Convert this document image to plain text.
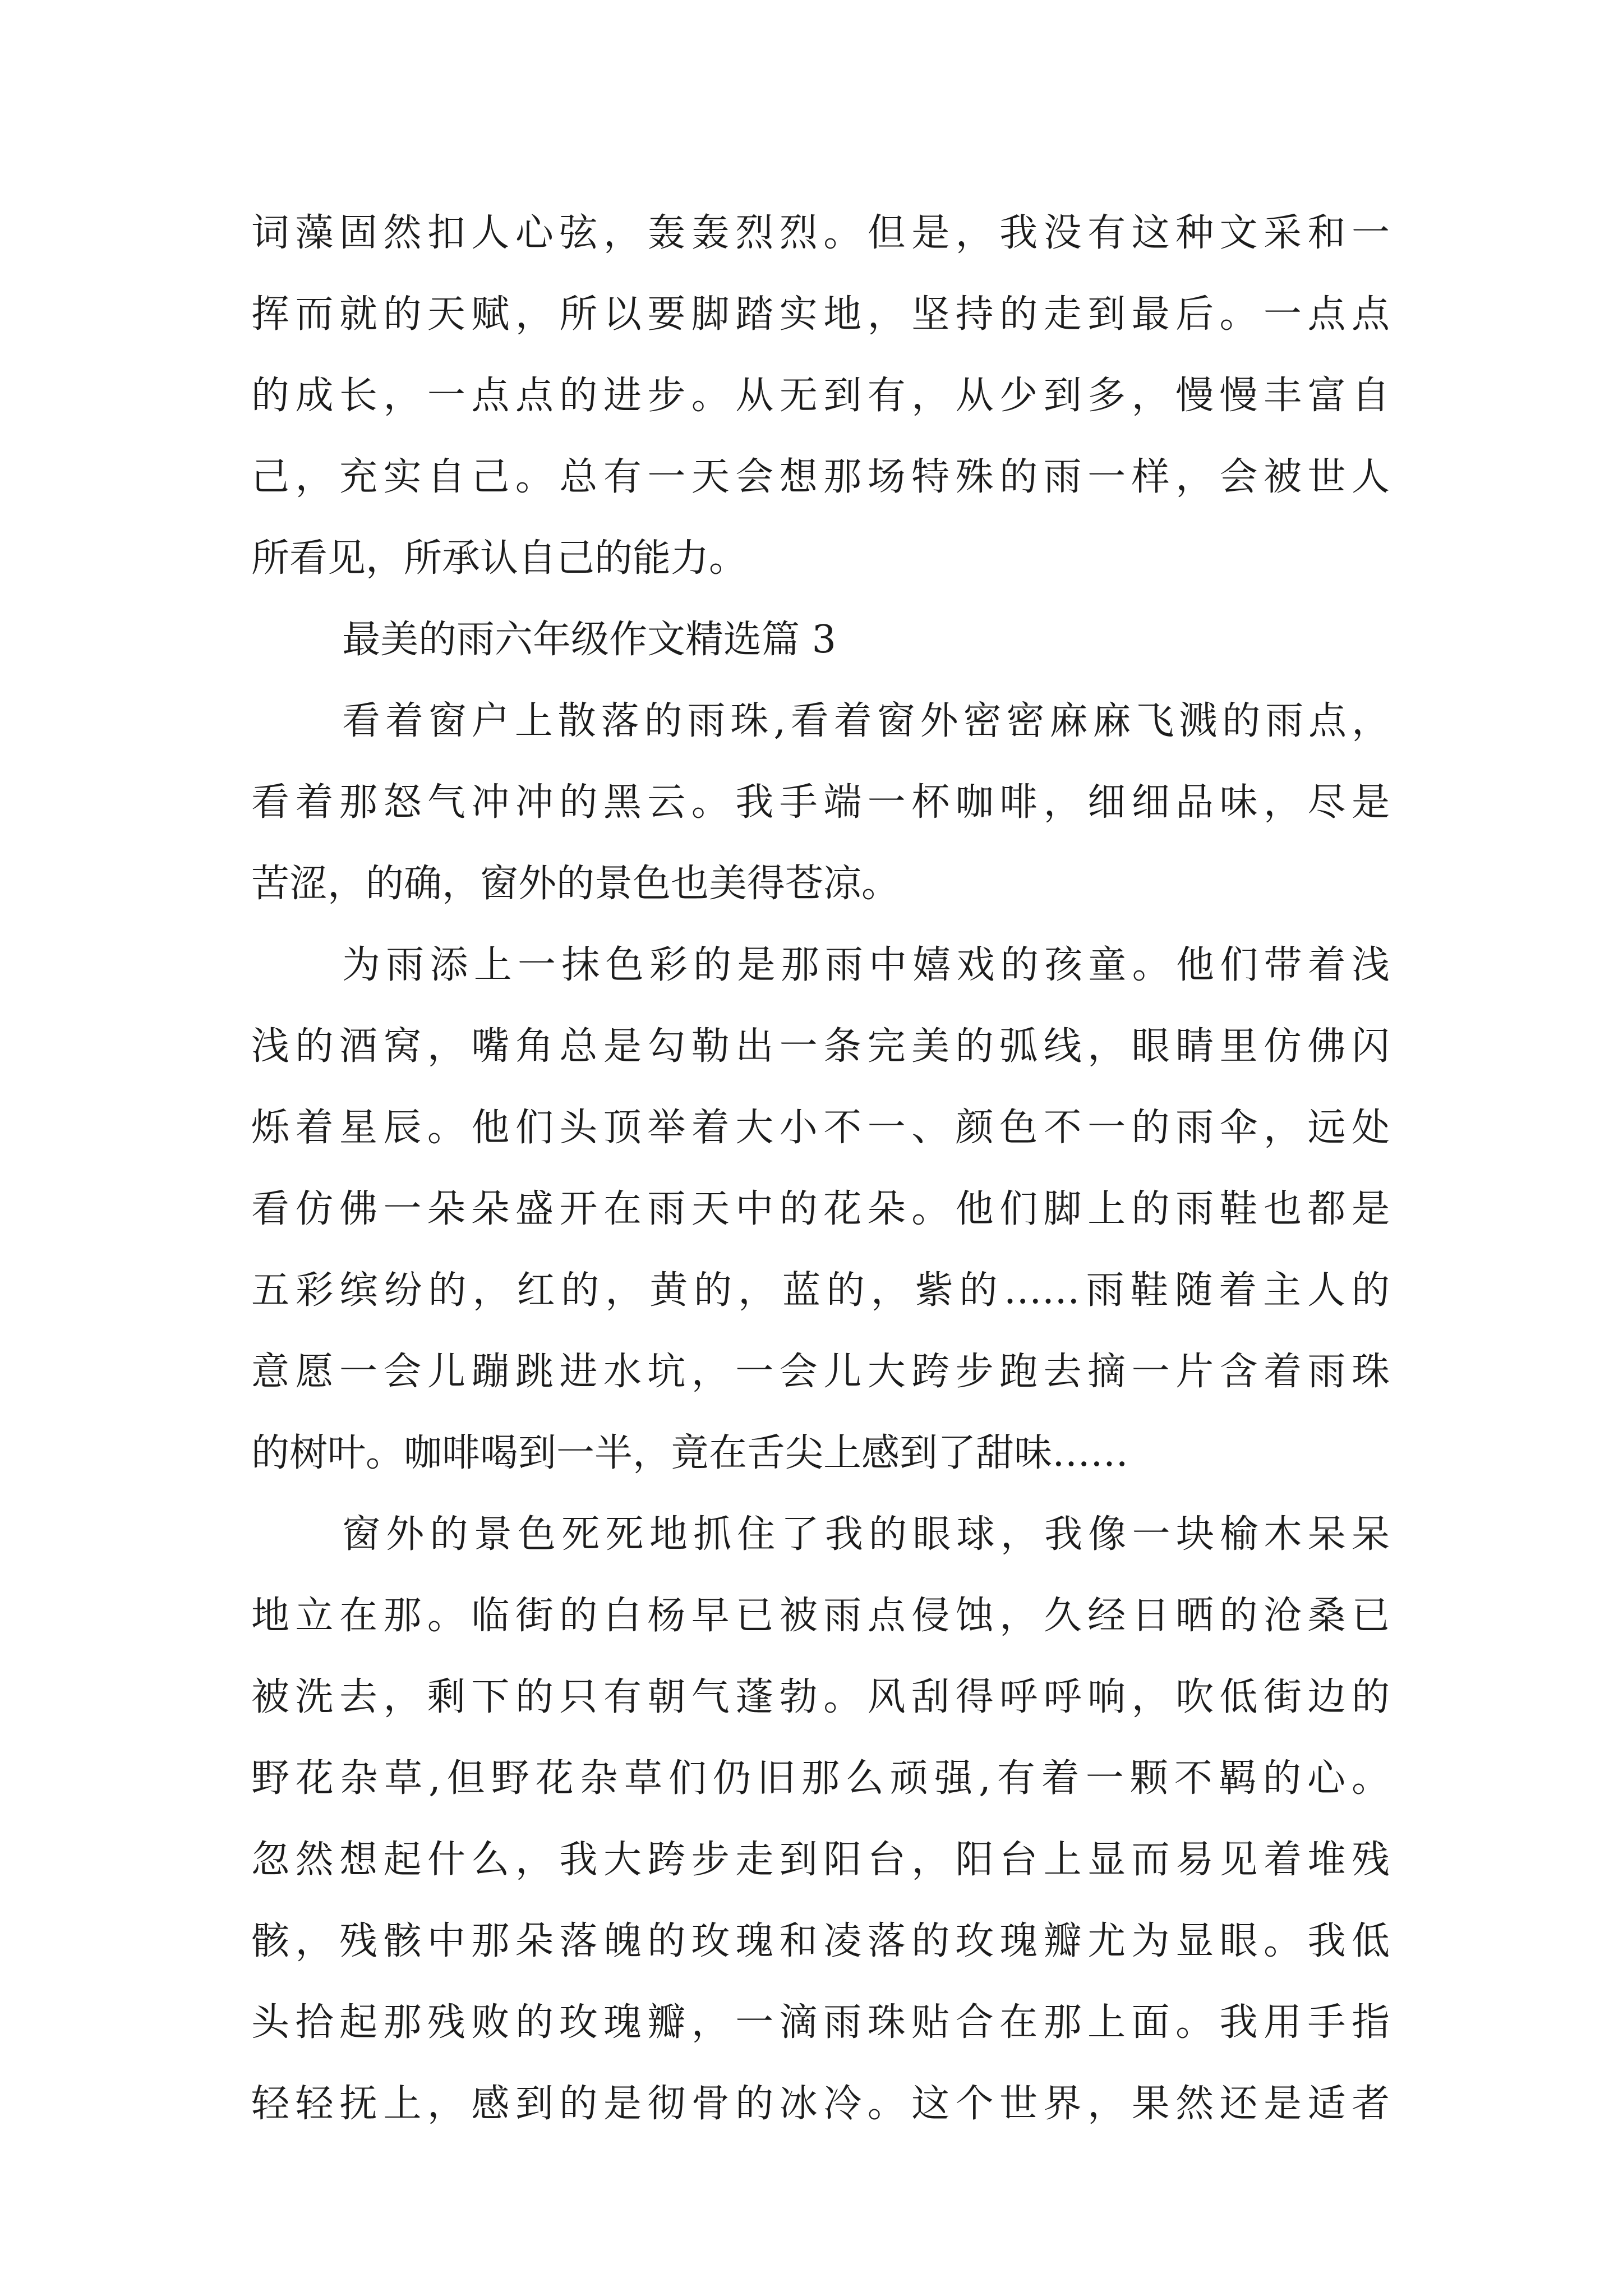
词藻固然扣人心弦，轰轰烈烈。但是，我没有这种文采和一

挥而就的天赋，所以要脚踏实地，坚持的走到最后。一点点

的成长，一点点的进步。从无到有，从少到多，慢慢丰富自

己，充实自己。总有一天会想那场特殊的雨一样，会被世人

所看见，所承认自己的能力。

最美的雨六年级作文精选篇 3

看着窗户上散落的雨珠,看着窗外密密麻麻飞溅的雨点，

看着那怒气冲冲的黑云。我手端一杯咖啡，细细品味，尽是

苦涩，的确，窗外的景色也美得苍凉。

为雨添上一抹色彩的是那雨中嬉戏的孩童。他们带着浅

浅的酒窝，嘴角总是勾勒出一条完美的弧线，眼睛里仿佛闪

烁着星辰。他们头顶举着大小不一、颜色不一的雨伞，远处

看仿佛一朵朵盛开在雨天中的花朵。他们脚上的雨鞋也都是

五彩缤纷的，红的，黄的，蓝的，紫的……雨鞋随着主人的

意愿一会儿蹦跳进水坑，一会儿大跨步跑去摘一片含着雨珠

的树叶。咖啡喝到一半，竟在舌尖上感到了甜味……

窗外的景色死死地抓住了我的眼球，我像一块榆木呆呆

地立在那。临街的白杨早已被雨点侵蚀，久经日晒的沧桑已

被洗去，剩下的只有朝气蓬勃。风刮得呼呼响，吹低街边的

野花杂草,但野花杂草们仍旧那么顽强,有着一颗不羁的心。

忽然想起什么，我大跨步走到阳台，阳台上显而易见着堆残

骸，残骸中那朵落魄的玫瑰和凌落的玫瑰瓣尤为显眼。我低

头拾起那残败的玫瑰瓣，一滴雨珠贴合在那上面。我用手指

轻轻抚上，感到的是彻骨的冰冷。这个世界，果然还是适者
